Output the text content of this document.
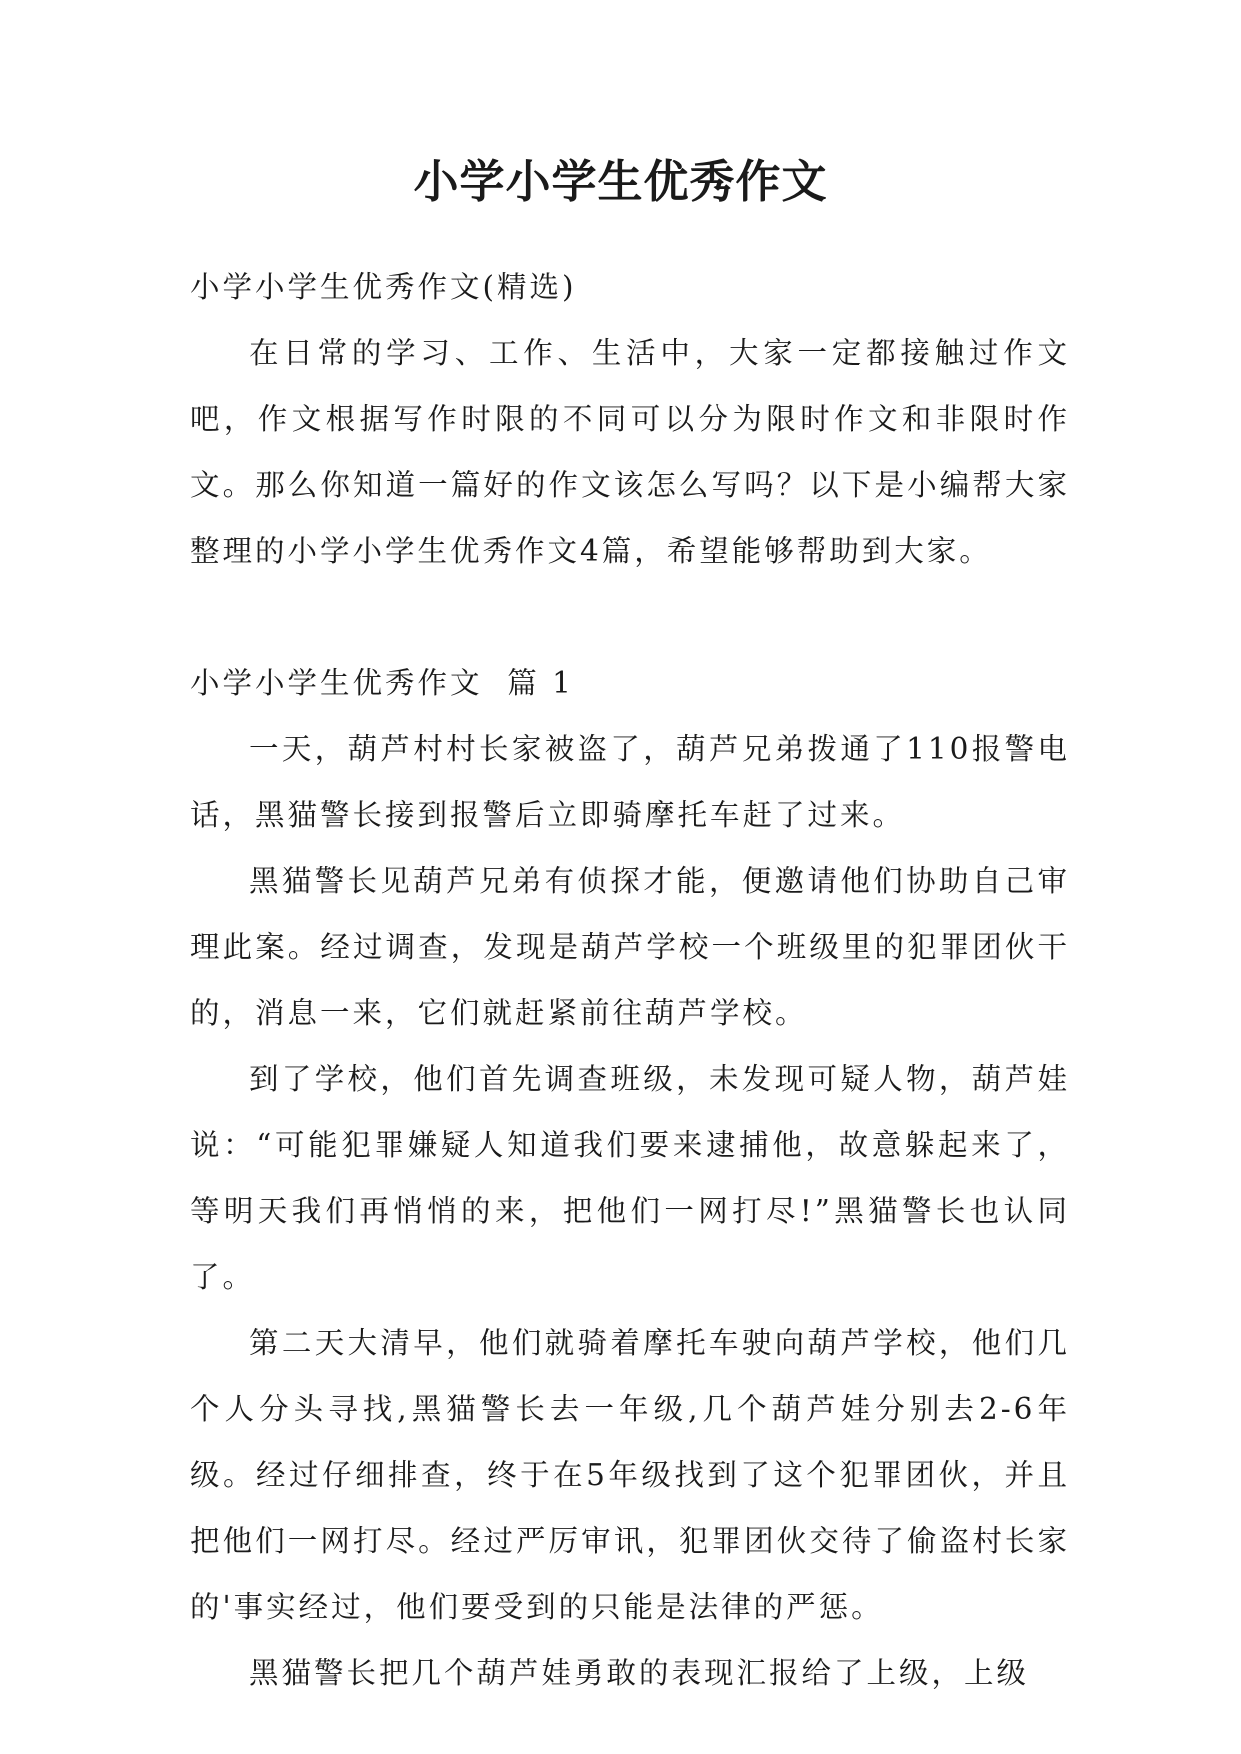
小学小学生优秀作文

小学小学生优秀作文(精选)

在日常的学习、工作、生活中，大家一定都接触过作文吧，作文根据写作时限的不同可以分为限时作文和非限时作文。那么你知道一篇好的作文该怎么写吗？以下是小编帮大家整理的小学小学生优秀作文4篇，希望能够帮助到大家。

小学小学生优秀作文  篇 1

一天，葫芦村村长家被盗了，葫芦兄弟拨通了110报警电话，黑猫警长接到报警后立即骑摩托车赶了过来。

黑猫警长见葫芦兄弟有侦探才能，便邀请他们协助自己审理此案。经过调查，发现是葫芦学校一个班级里的犯罪团伙干的，消息一来，它们就赶紧前往葫芦学校。

到了学校，他们首先调查班级，未发现可疑人物，葫芦娃说：“可能犯罪嫌疑人知道我们要来逮捕他，故意躲起来了，等明天我们再悄悄的来，把他们一网打尽!”黑猫警长也认同了。

第二天大清早，他们就骑着摩托车驶向葫芦学校，他们几个人分头寻找,黑猫警长去一年级,几个葫芦娃分别去2-6年级。经过仔细排查，终于在5年级找到了这个犯罪团伙，并且把他们一网打尽。经过严厉审讯，犯罪团伙交待了偷盗村长家的'事实经过，他们要受到的只能是法律的严惩。

黑猫警长把几个葫芦娃勇敢的表现汇报给了上级，上级
